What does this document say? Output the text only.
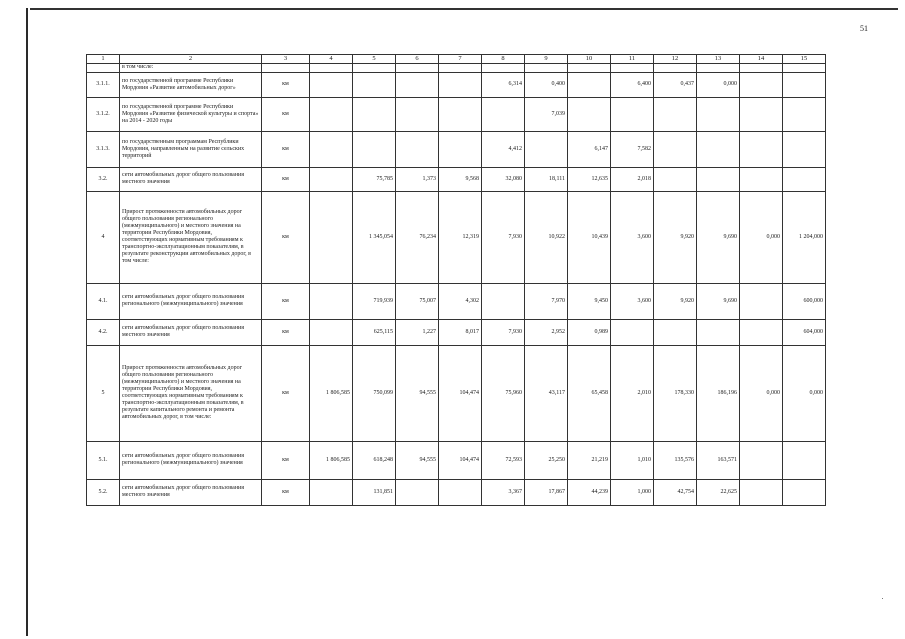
51
1	2	3	4	5	6	7	8	9	10	11	12	13	14	15
	в том числе:													
3.1.1.	по государственной программе Республики Мордовия «Развитие автомобильных дорог»	км					6,314	0,400		6,400	0,437	0,000		
3.1.2.	по государственной программе Республики Мордовия «Развитие физической культуры и спорта» на 2014 - 2020 годы	км						7,039						
3.1.3.	по государственным программам Республики Мордовия, направленным на развитие сельских территорий	км					4,412		6,147	7,582				
3.2.	сети автомобильных дорог общего пользования местного значения	км		75,785	1,373	9,568	32,080	18,111	12,635	2,018				
4	Прирост протяженности автомобильных дорог общего пользования регионального (межмуниципального) и местного значения на территории Республики Мордовия, соответствующих нормативным требованиям к транспортно-эксплуатационным показателям, в результате реконструкции автомобильных дорог, в том числе:	км		1 345,054	76,234	12,319	7,930	10,922	10,439	3,600	9,920	9,690	0,000	1 204,000
4.1.	сети автомобильных дорог общего пользования регионального (межмуниципального) значения	км		719,939	75,007	4,302		7,970	9,450	3,600	9,920	9,690		600,000
4.2.	сети автомобильных дорог общего пользования местного значения	км		625,115	1,227	8,017	7,930	2,952	0,989					604,000
5	Прирост протяженности автомобильных дорог общего пользования регионального (межмуниципального) и местного значения на территории Республики Мордовия, соответствующих нормативным требованиям к транспортно-эксплуатационным показателям, в результате капитального ремонта и ремонта автомобильных дорог, в том числе:	км	1 806,585	750,099	94,555	104,474	75,960	43,117	65,458	2,010	178,330	186,196	0,000	0,000
5.1.	сети автомобильных дорог общего пользования регионального (межмуниципального) значения	км	1 806,585	618,248	94,555	104,474	72,593	25,250	21,219	1,010	135,576	163,571		
5.2.	сети автомобильных дорог общего пользования местного значения	км		131,851			3,367	17,867	44,239	1,000	42,754	22,625		
